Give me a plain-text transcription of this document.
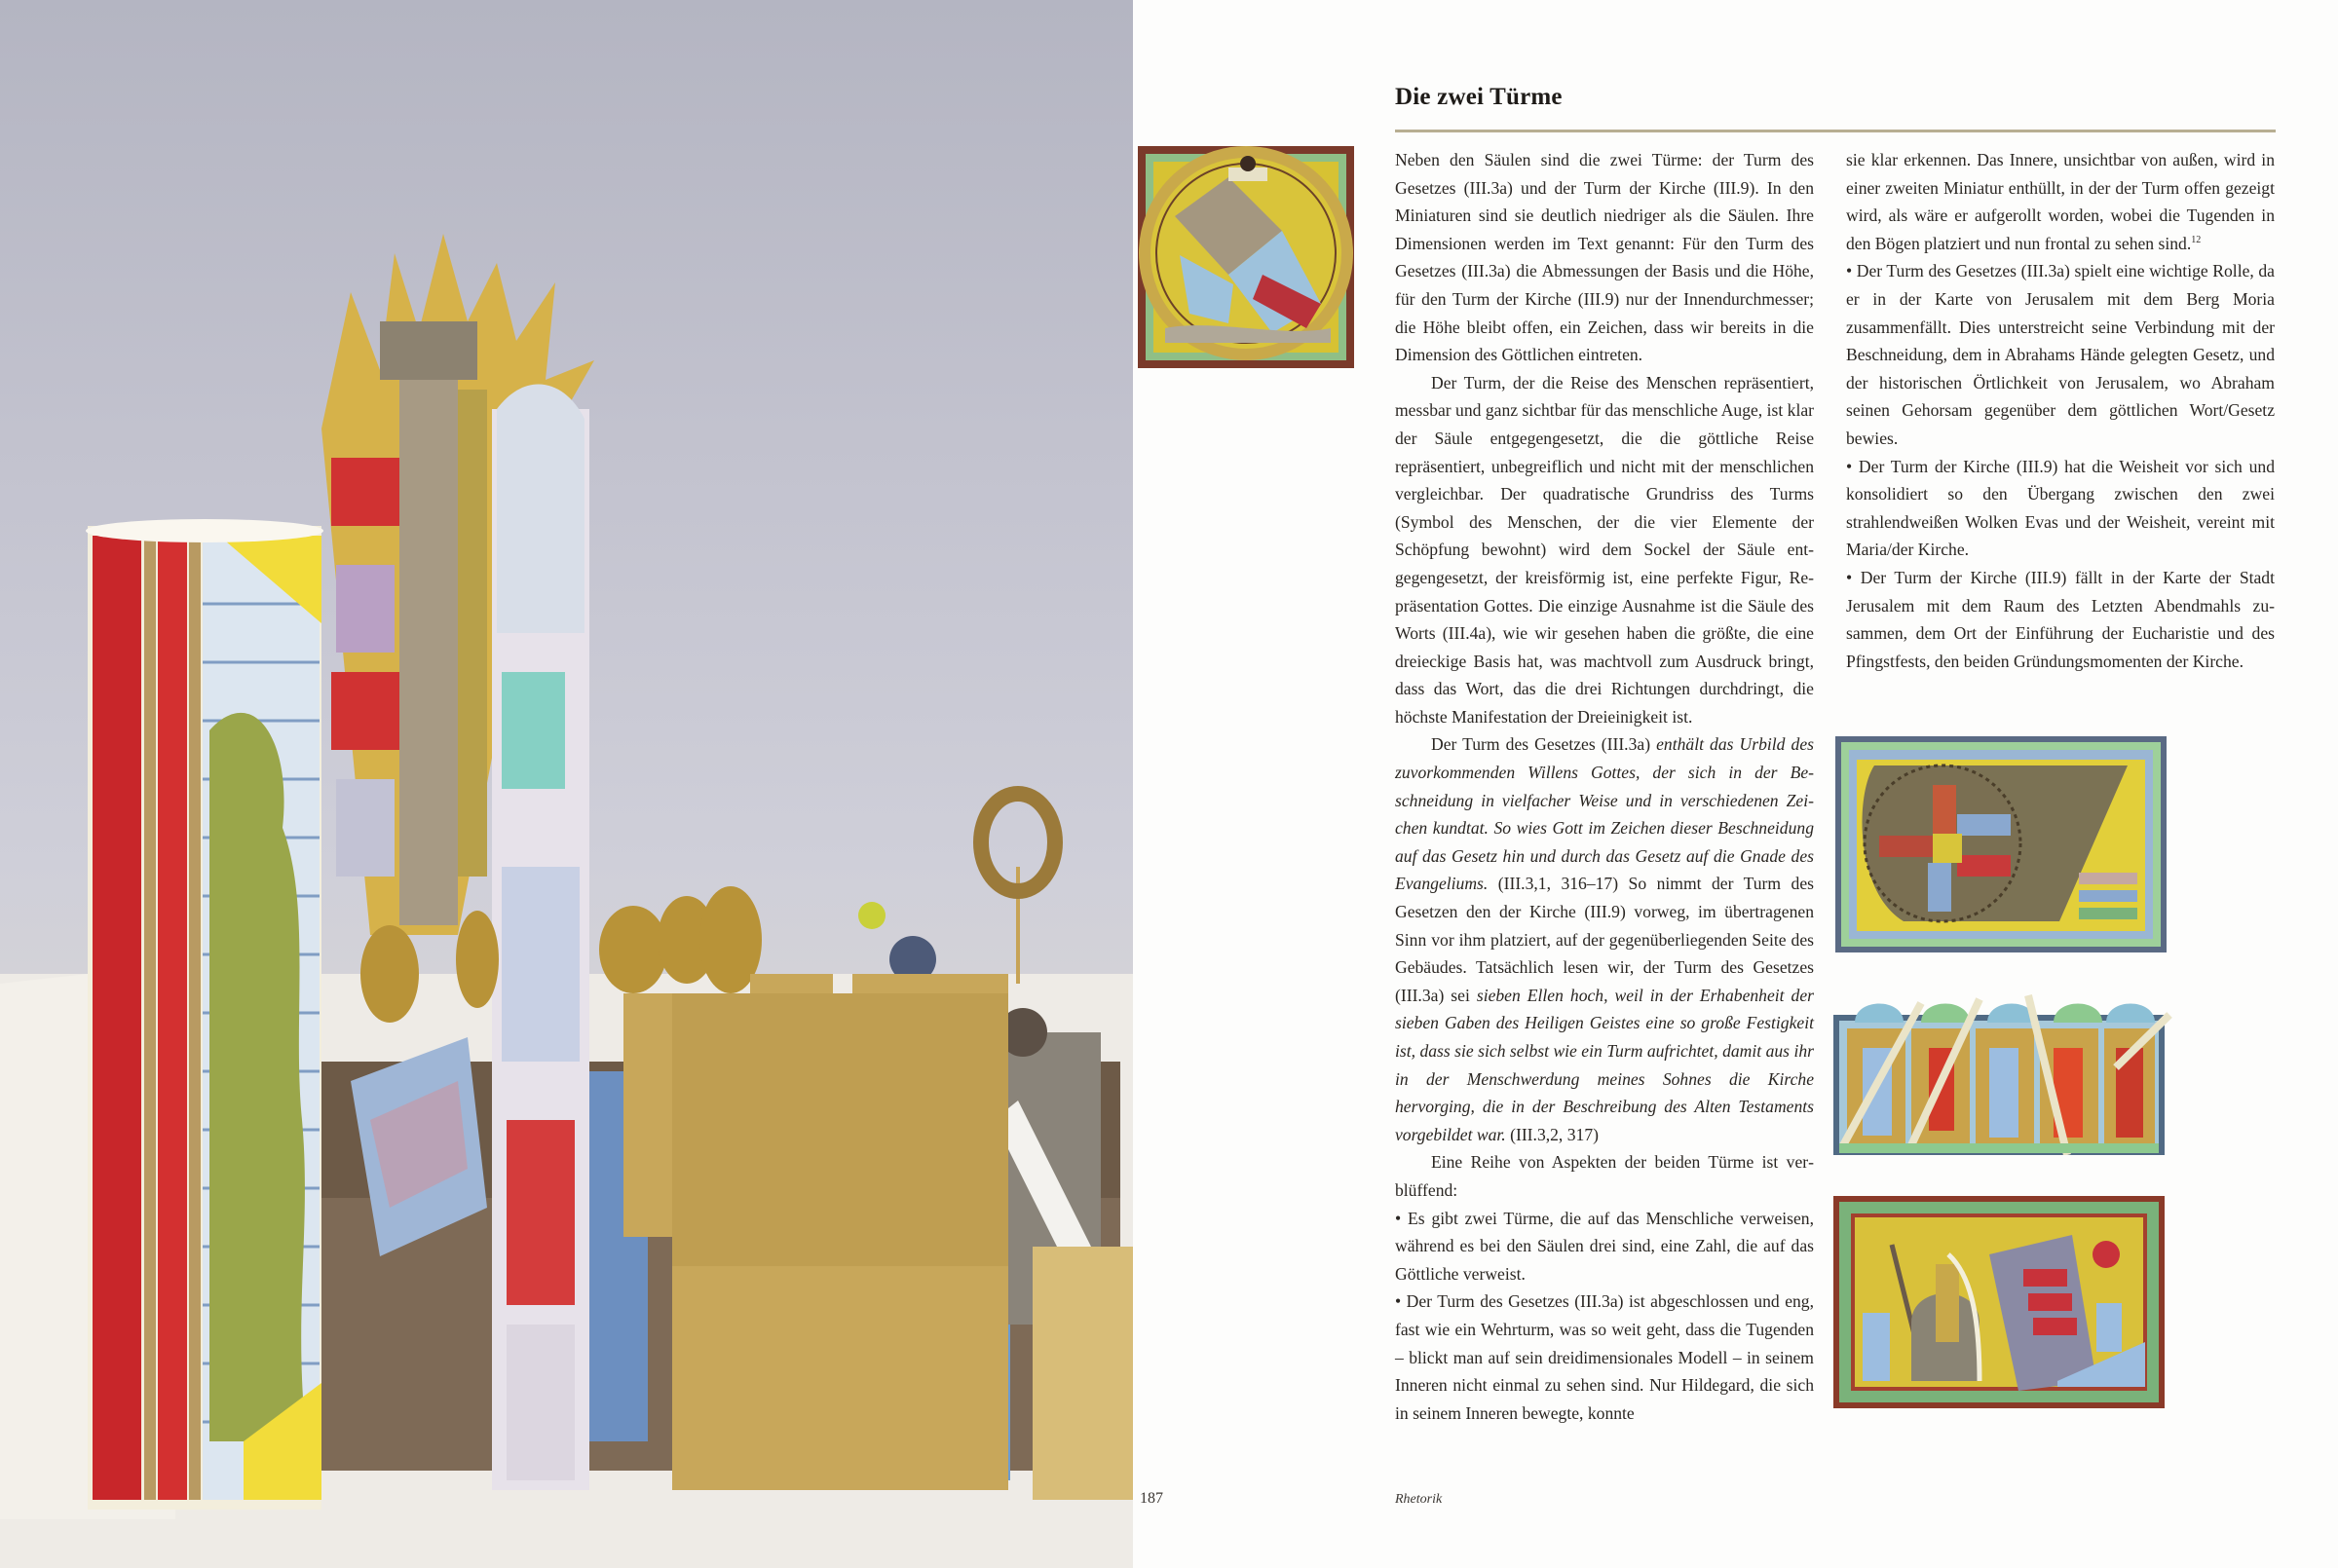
Die zwei Türme

Neben den Säulen sind die zwei Türme: der Turm des Gesetzes (III.3a) und der Turm der Kirche (III.9). In den Miniaturen sind sie deutlich niedriger als die Säulen. Ihre Dimensionen werden im Text genannt: Für den Turm des Gesetzes (III.3a) die Abmessungen der Basis und die Höhe, für den Turm der Kirche (III.9) nur der Innendurchmesser; die Höhe bleibt offen, ein Zeichen, dass wir bereits in die Dimension des Göttlichen eintreten.

Der Turm, der die Reise des Menschen repräsentiert, messbar und ganz sichtbar für das menschliche Auge, ist klar der Säule entgegengesetzt, die die göttliche Reise repräsentiert, unbegreiflich und nicht mit der menschlichen vergleichbar. Der quadratische Grundriss des Turms (Symbol des Menschen, der die vier Elemente der Schöpfung bewohnt) wird dem Sockel der Säule entgegengesetzt, der kreisförmig ist, eine perfekte Figur, Repräsentation Gottes. Die einzige Ausnahme ist die Säule des Worts (III.4a), wie wir gesehen haben die größte, die eine dreieckige Basis hat, was machtvoll zum Ausdruck bringt, dass das Wort, das die drei Richtungen durchdringt, die höchste Manifestation der Dreieinigkeit ist.

Der Turm des Gesetzes (III.3a) enthält das Urbild des zuvorkommenden Willens Gottes, der sich in der Beschneidung in vielfacher Weise und in verschiedenen Zeichen kundtat. So wies Gott im Zeichen dieser Beschneidung auf das Gesetz hin und durch das Gesetz auf die Gnade des Evangeliums. (III.3,1, 316–17) So nimmt der Turm des Gesetzen den der Kirche (III.9) vorweg, im übertragenen Sinn vor ihm platziert, auf der gegenüberliegenden Seite des Gebäudes. Tatsächlich lesen wir, der Turm des Gesetzes (III.3a) sei sieben Ellen hoch, weil in der Erhabenheit der sieben Gaben des Heiligen Geistes eine so große Festigkeit ist, dass sie sich selbst wie ein Turm aufrichtet, damit aus ihr in der Menschwerdung meines Sohnes die Kirche hervorging, die in der Beschreibung des Alten Testaments vorgebildet war. (III.3,2, 317)

Eine Reihe von Aspekten der beiden Türme ist verblüffend:

• Es gibt zwei Türme, die auf das Menschliche verweisen, während es bei den Säulen drei sind, eine Zahl, die auf das Göttliche verweist.

• Der Turm des Gesetzes (III.3a) ist abgeschlossen und eng, fast wie ein Wehrturm, was so weit geht, dass die Tugenden – blickt man auf sein dreidimensionales Modell – in seinem Inneren nicht einmal zu sehen sind. Nur Hildegard, die sich in seinem Inneren bewegte, konnte

sie klar erkennen. Das Innere, unsichtbar von außen, wird in einer zweiten Miniatur enthüllt, in der der Turm offen gezeigt wird, als wäre er aufgerollt worden, wobei die Tugenden in den Bögen platziert und nun frontal zu sehen sind.$^{12}$

• Der Turm des Gesetzes (III.3a) spielt eine wichtige Rolle, da er in der Karte von Jerusalem mit dem Berg Moria zusammenfällt. Dies unterstreicht seine Verbindung mit der Beschneidung, dem in Abrahams Hände gelegten Gesetz, und der historischen Örtlichkeit von Jerusalem, wo Abraham seinen Gehorsam gegenüber dem göttlichen Wort/Gesetz bewies.

• Der Turm der Kirche (III.9) hat die Weisheit vor sich und konsolidiert so den Übergang zwischen den zwei strahlendweißen Wolken Evas und der Weisheit, vereint mit Maria/der Kirche.

• Der Turm der Kirche (III.9) fällt in der Karte der Stadt Jerusalem mit dem Raum des Letzten Abendmahls zusammen, dem Ort der Einführung der Eucharistie und des Pfingstfests, den beiden Gründungsmomenten der Kirche.

187	Rhetorik
